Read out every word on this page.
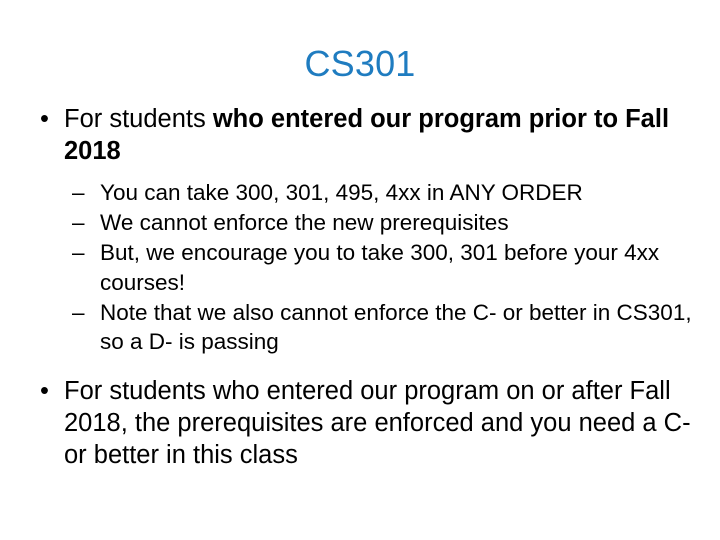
CS301
• For students who entered our program prior to Fall 2018
– You can take 300, 301, 495, 4xx in ANY ORDER
– We cannot enforce the new prerequisites
– But, we encourage you to take 300, 301 before your 4xx courses!
– Note that we also cannot enforce the C- or better in CS301, so a D- is passing
• For students who entered our program on or after Fall 2018, the prerequisites are enforced and you need a C- or better in this class
